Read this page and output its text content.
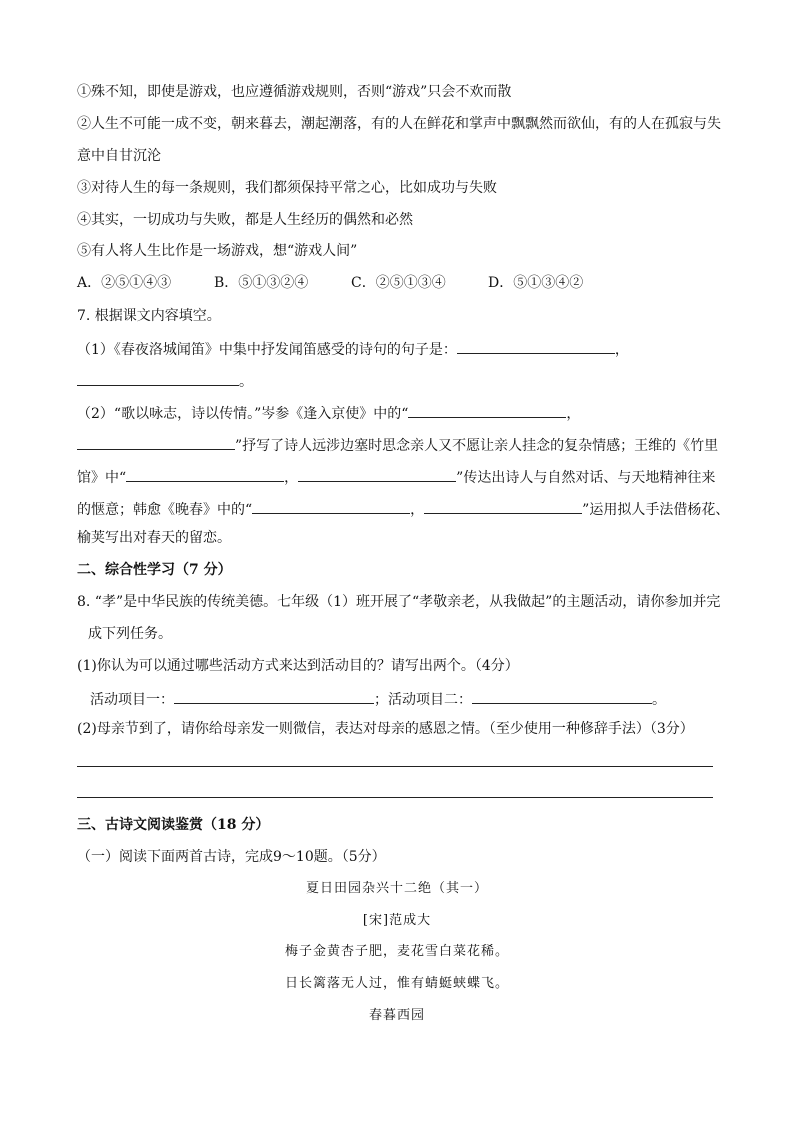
①殊不知，即使是游戏，也应遵循游戏规则，否则“游戏”只会不欢而散
②人生不可能一成不变，朝来暮去，潮起潮落，有的人在鲜花和掌声中飘飘然而欲仙，有的人在孤寂与失
意中自甘沉沦
③对待人生的每一条规则，我们都须保持平常之心，比如成功与失败
④其实，一切成功与失败，都是人生经历的偶然和必然
⑤有人将人生比作是一场游戏，想“游戏人间”
A．②⑤①④③	B．⑤①③②④	C．②⑤①③④	D．⑤①③④②
7. 根据课文内容填空。
（1）《春夜洛城闻笛》中集中抒发闻笛感受的诗句的句子是：	，
。
（2）“歌以咏志，诗以传情。”岑参《逢入京使》中的“	，
”抒写了诗人远涉边塞时思念亲人又不愿让亲人挂念的复杂情感；王维的《竹里
馆》中“	，	”传达出诗人与自然对话、与天地精神往来
的惬意；韩愈《晚春》中的“	，	”运用拟人手法借杨花、
榆荚写出对春天的留恋。
二、综合性学习（7 分）
8. “孝”是中华民族的传统美德。七年级（1）班开展了“孝敬亲老，从我做起”的主题活动，请你参加并完
成下列任务。
(1)你认为可以通过哪些活动方式来达到活动目的？请写出两个。（4分）
活动项目一：	；活动项目二：	。
(2)母亲节到了，请你给母亲发一则微信，表达对母亲的感恩之情。（至少使用一种修辞手法）（3分）
三、古诗文阅读鉴赏（18 分）
（一）阅读下面两首古诗，完成9～10题。（5分）
夏日田园杂兴十二绝（其一）
[宋]范成大
梅子金黄杏子肥，麦花雪白菜花稀。
日长篱落无人过，惟有蜻蜓蛱蝶飞。
春暮西园
